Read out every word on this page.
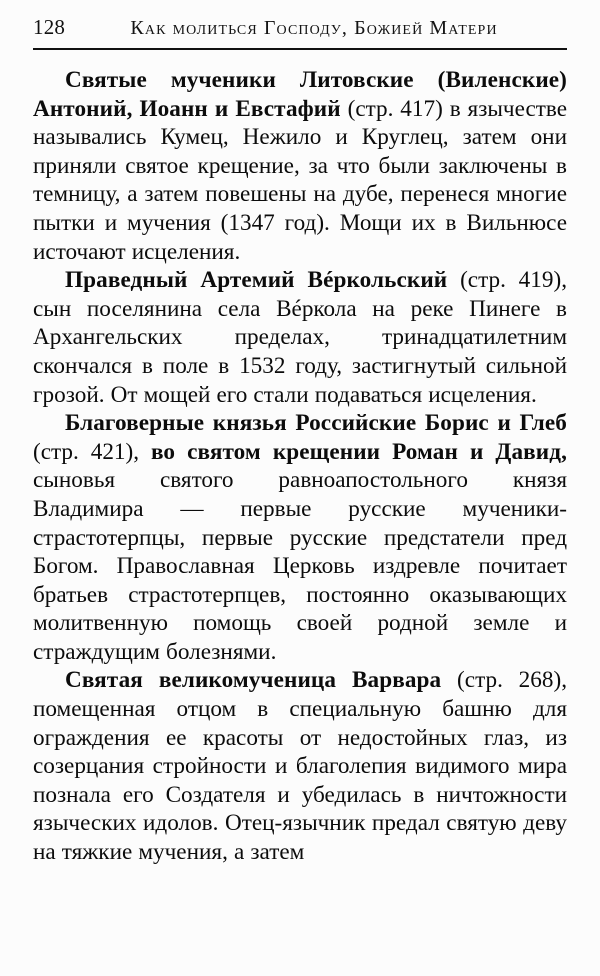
128	Как молиться Господу, Божией Матери

Святые мученики Литовские (Виленские) Антоний, Иоанн и Евстафий (стр. 417) в язычестве назывались Кумец, Нежило и Круглец, затем они приняли святое крещение, за что были заключены в темницу, а затем повешены на дубе, перенеся многие пытки и мучения (1347 год). Мощи их в Вильнюсе источают исцеления.

Праведный Артемий Вéркольский (стр. 419), сын поселянина села Вéркола на реке Пинеге в Архангельских пределах, тринадцатилетним скончался в поле в 1532 году, застигнутый сильной грозой. От мощей его стали подаваться исцеления.

Благоверные князья Российские Борис и Глеб (стр. 421), во святом крещении Роман и Давид, сыновья святого равноапостольного князя Владимира — первые русские мученики-страстотерпцы, первые русские предстатели пред Богом. Православная Церковь издревле почитает братьев страстотерпцев, постоянно оказывающих молитвенную помощь своей родной земле и страждущим болезнями.

Святая великомученица Варвара (стр. 268), помещенная отцом в специальную башню для ограждения ее красоты от недостойных глаз, из созерцания стройности и благолепия видимого мира познала его Создателя и убедилась в ничтожности языческих идолов. Отец-язычник предал святую деву на тяжкие мучения, а затем
